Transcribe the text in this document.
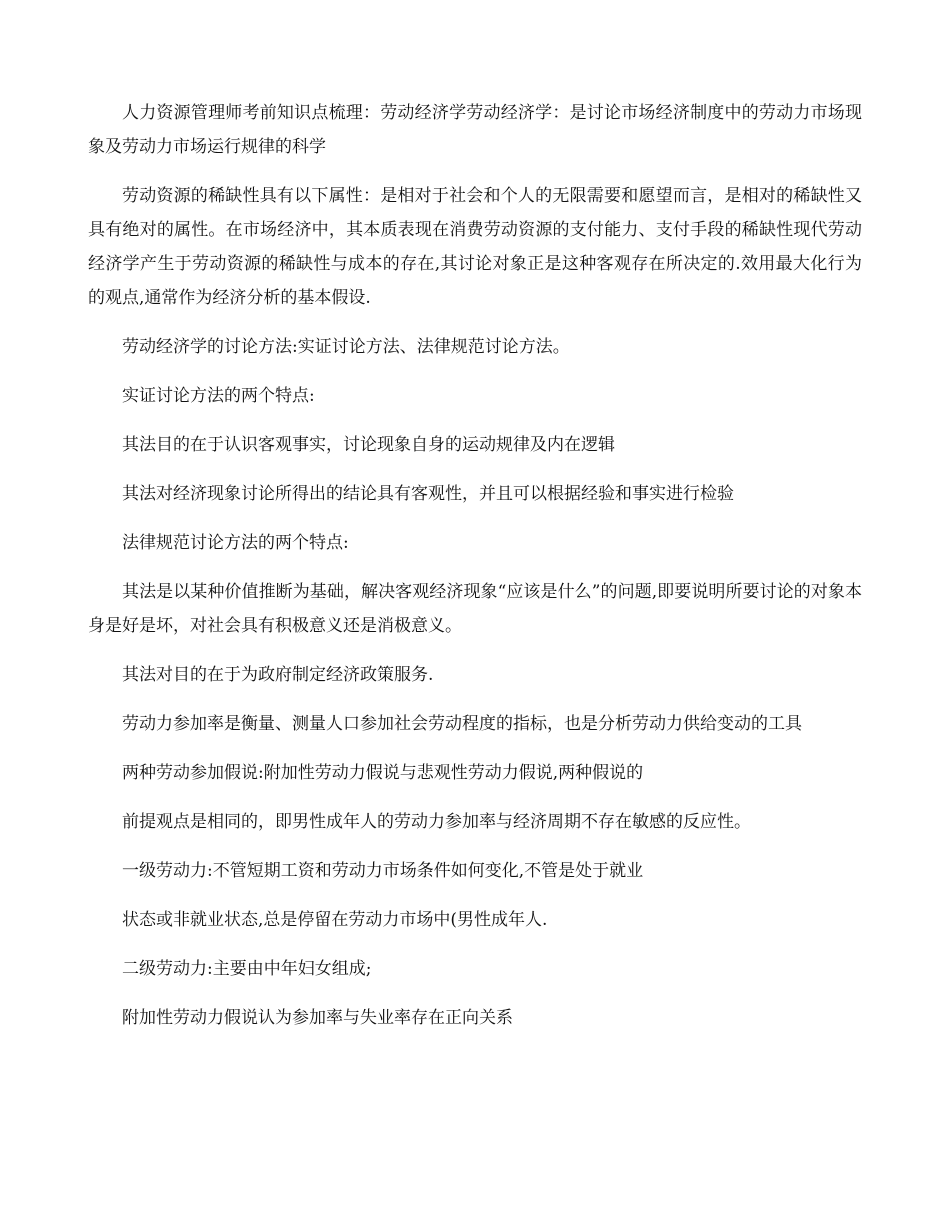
人力资源管理师考前知识点梳理：劳动经济学劳动经济学：是讨论市场经济制度中的劳动力市场现象及劳动力市场运行规律的科学

劳动资源的稀缺性具有以下属性：是相对于社会和个人的无限需要和愿望而言，是相对的稀缺性又具有绝对的属性。在市场经济中，其本质表现在消费劳动资源的支付能力、支付手段的稀缺性现代劳动经济学产生于劳动资源的稀缺性与成本的存在,其讨论对象正是这种客观存在所决定的.效用最大化行为的观点,通常作为经济分析的基本假设.

劳动经济学的讨论方法:实证讨论方法、法律规范讨论方法。

实证讨论方法的两个特点:

其法目的在于认识客观事实，讨论现象自身的运动规律及内在逻辑

其法对经济现象讨论所得出的结论具有客观性，并且可以根据经验和事实进行检验

法律规范讨论方法的两个特点:

其法是以某种价值推断为基础，解决客观经济现象“应该是什么”的问题,即要说明所要讨论的对象本身是好是坏，对社会具有积极意义还是消极意义。

其法对目的在于为政府制定经济政策服务.

劳动力参加率是衡量、测量人口参加社会劳动程度的指标，也是分析劳动力供给变动的工具

两种劳动参加假说:附加性劳动力假说与悲观性劳动力假说,两种假说的

前提观点是相同的，即男性成年人的劳动力参加率与经济周期不存在敏感的反应性。

一级劳动力:不管短期工资和劳动力市场条件如何变化,不管是处于就业

状态或非就业状态,总是停留在劳动力市场中(男性成年人.

二级劳动力:主要由中年妇女组成;

附加性劳动力假说认为参加率与失业率存在正向关系
